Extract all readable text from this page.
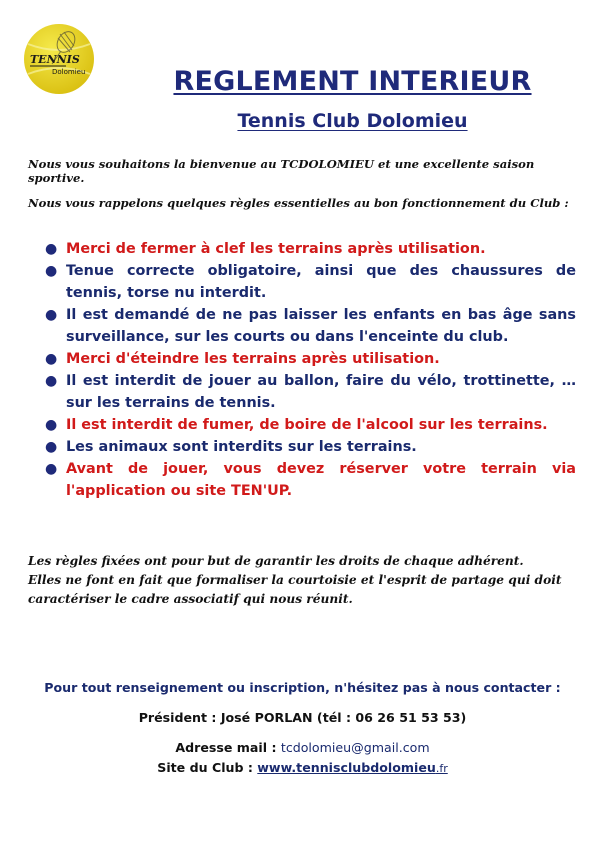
TENNIS
Dolomieu	REGLEMENT INTERIEUR
Tennis Club Dolomieu
Nous vous souhaitons la bienvenue au TCDOLOMIEU et une excellente saison sportive.
Nous vous rappelons quelques règles essentielles au bon fonctionnement du Club :
● Merci de fermer à clef les terrains après utilisation.
● Tenue correcte obligatoire, ainsi que des chaussures de tennis, torse nu interdit.
● Il est demandé de ne pas laisser les enfants en bas âge sans surveillance, sur les courts ou dans l'enceinte du club.
● Merci d'éteindre les terrains après utilisation.
● Il est interdit de jouer au ballon, faire du vélo, trottinette, … sur les terrains de tennis.
● Il est interdit de fumer, de boire de l'alcool sur les terrains.
● Les animaux sont interdits sur les terrains.
● Avant de jouer, vous devez réserver votre terrain via l'application ou site TEN'UP.
Les règles fixées ont pour but de garantir les droits de chaque adhérent.
Elles ne font en fait que formaliser la courtoisie et l'esprit de partage qui doit
caractériser le cadre associatif qui nous réunit.
Pour tout renseignement ou inscription, n'hésitez pas à nous contacter :
Président : José PORLAN (tél : 06 26 51 53 53)
Adresse mail : tcdolomieu@gmail.com
Site du Club : www.tennisclubdolomieu.fr
